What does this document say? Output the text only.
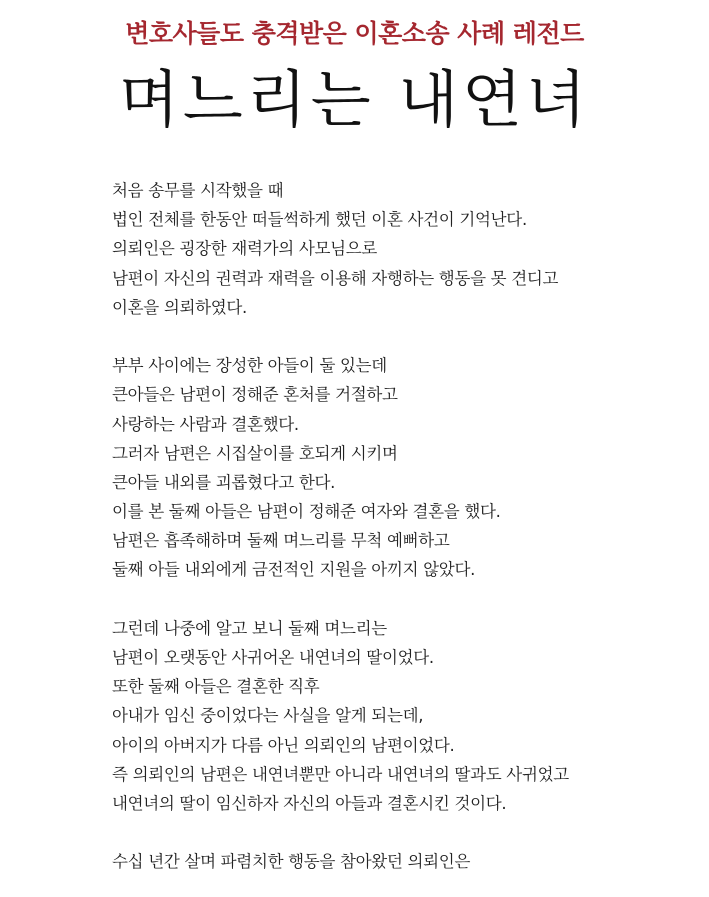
변호사들도 충격받은 이혼소송 사례 레전드
며느리는 내연녀
처음 송무를 시작했을 때
법인 전체를 한동안 떠들썩하게 했던 이혼 사건이 기억난다.
의뢰인은 굉장한 재력가의 사모님으로
남편이 자신의 권력과 재력을 이용해 자행하는 행동을 못 견디고
이혼을 의뢰하였다.
부부 사이에는 장성한 아들이 둘 있는데
큰아들은 남편이 정해준 혼처를 거절하고
사랑하는 사람과 결혼했다.
그러자 남편은 시집살이를 호되게 시키며
큰아들 내외를 괴롭혔다고 한다.
이를 본 둘째 아들은 남편이 정해준 여자와 결혼을 했다.
남편은 흡족해하며 둘째 며느리를 무척 예뻐하고
둘째 아들 내외에게 금전적인 지원을 아끼지 않았다.
그런데 나중에 알고 보니 둘째 며느리는
남편이 오랫동안 사귀어온 내연녀의 딸이었다.
또한 둘째 아들은 결혼한 직후
아내가 임신 중이었다는 사실을 알게 되는데,
아이의 아버지가 다름 아닌 의뢰인의 남편이었다.
즉 의뢰인의 남편은 내연녀뿐만 아니라 내연녀의 딸과도 사귀었고
내연녀의 딸이 임신하자 자신의 아들과 결혼시킨 것이다.
수십 년간 살며 파렴치한 행동을 참아왔던 의뢰인은
